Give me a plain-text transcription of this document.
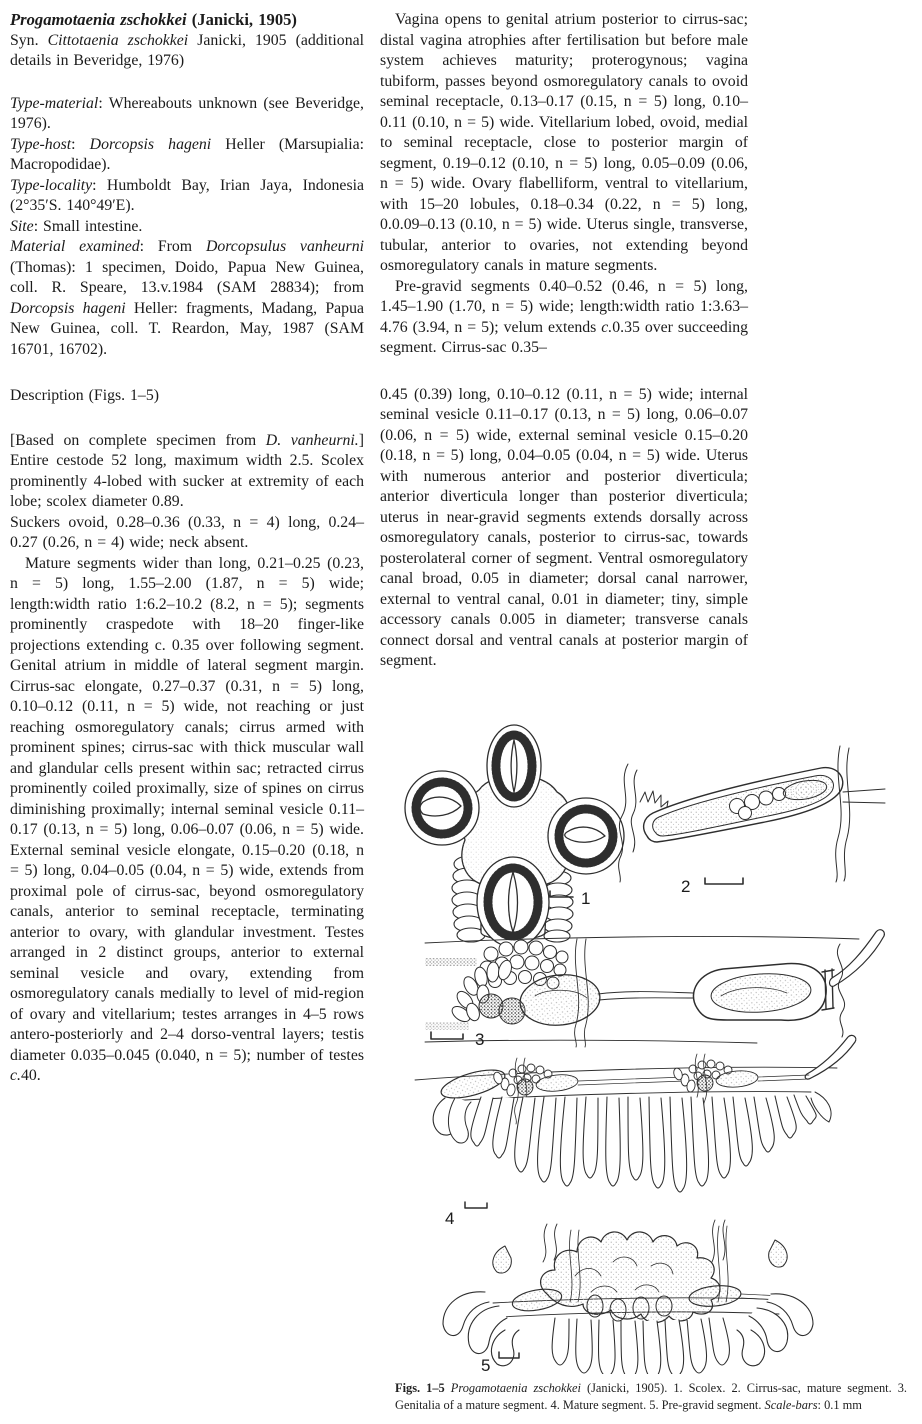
Progamotaenia zschokkei (Janicki, 1905)
Syn. Cittotaenia zschokkei Janicki, 1905 (additional details in Beveridge, 1976)
Type-material: Whereabouts unknown (see Beveridge, 1976).
Type-host: Dorcopsis hageni Heller (Marsupialia: Macropodidae).
Type-locality: Humboldt Bay, Irian Jaya, Indonesia (2°35′S. 140°49′E).
Site: Small intestine.
Material examined: From Dorcopsulus vanheurni (Thomas): 1 specimen, Doido, Papua New Guinea, coll. R. Speare, 13.v.1984 (SAM 28834); from Dorcopsis hageni Heller: fragments, Madang, Papua New Guinea, coll. T. Reardon, May, 1987 (SAM 16701, 16702).
Description (Figs. 1–5)
[Based on complete specimen from D. vanheurni.] Entire cestode 52 long, maximum width 2.5. Scolex prominently 4-lobed with sucker at extremity of each lobe; scolex diameter 0.89.
Suckers ovoid, 0.28–0.36 (0.33, n = 4) long, 0.24–0.27 (0.26, n = 4) wide; neck absent.
Mature segments wider than long, 0.21–0.25 (0.23, n = 5) long, 1.55–2.00 (1.87, n = 5) wide; length:width ratio 1:6.2–10.2 (8.2, n = 5); segments prominently craspedote with 18–20 finger-like projections extending c. 0.35 over following segment. Genital atrium in middle of lateral segment margin. Cirrus-sac elongate, 0.27–0.37 (0.31, n = 5) long, 0.10–0.12 (0.11, n = 5) wide, not reaching or just reaching osmoregulatory canals; cirrus armed with prominent spines; cirrus-sac with thick muscular wall and glandular cells present within sac; retracted cirrus prominently coiled proximally, size of spines on cirrus diminishing proximally; internal seminal vesicle 0.11–0.17 (0.13, n = 5) long, 0.06–0.07 (0.06, n = 5) wide. External seminal vesicle elongate, 0.15–0.20 (0.18, n = 5) long, 0.04–0.05 (0.04, n = 5) wide, extends from proximal pole of cirrus-sac, beyond osmoregulatory canals, anterior to seminal receptacle, terminating anterior to ovary, with glandular investment. Testes arranged in 2 distinct groups, anterior to external seminal vesicle and ovary, extending from osmoregulatory canals medially to level of mid-region of ovary and vitellarium; testes arranges in 4–5 rows antero-posteriorly and 2–4 dorso-ventral layers; testis diameter 0.035–0.045 (0.040, n = 5); number of testes c.40.
Vagina opens to genital atrium posterior to cirrus-sac; distal vagina atrophies after fertilisation but before male system achieves maturity; proterogynous; vagina tubiform, passes beyond osmoregulatory canals to ovoid seminal receptacle, 0.13–0.17 (0.15, n = 5) long, 0.10–0.11 (0.10, n = 5) wide. Vitellarium lobed, ovoid, medial to seminal receptacle, close to posterior margin of segment, 0.19–0.12 (0.10, n = 5) long, 0.05–0.09 (0.06, n = 5) wide. Ovary flabelliform, ventral to vitellarium, with 15–20 lobules, 0.18–0.34 (0.22, n = 5) long, 0.0.09–0.13 (0.10, n = 5) wide. Uterus single, transverse, tubular, anterior to ovaries, not extending beyond osmoregulatory canals in mature segments.
Pre-gravid segments 0.40–0.52 (0.46, n = 5) long, 1.45–1.90 (1.70, n = 5) wide; length:width ratio 1:3.63–4.76 (3.94, n = 5); velum extends c.0.35 over succeeding segment. Cirrus-sac 0.35–
0.45 (0.39) long, 0.10–0.12 (0.11, n = 5) wide; internal seminal vesicle 0.11–0.17 (0.13, n = 5) long, 0.06–0.07 (0.06, n = 5) wide, external seminal vesicle 0.15–0.20 (0.18, n = 5) long, 0.04–0.05 (0.04, n = 5) wide. Uterus with numerous anterior and posterior diverticula; anterior diverticula longer than posterior diverticula; uterus in near-gravid segments extends dorsally across osmoregulatory canals, posterior to cirrus-sac, towards posterolateral corner of segment. Ventral osmoregulatory canal broad, 0.05 in diameter; dorsal canal narrower, external to ventral canal, 0.01 in diameter; tiny, simple accessory canals 0.005 in diameter; transverse canals connect dorsal and ventral canals at posterior margin of segment.
1
2
3
4
5
Figs. 1–5 Progamotaenia zschokkei (Janicki, 1905). 1. Scolex. 2. Cirrus-sac, mature segment. 3. Genitalia of a mature segment. 4. Mature segment. 5. Pre-gravid segment. Scale-bars: 0.1 mm
